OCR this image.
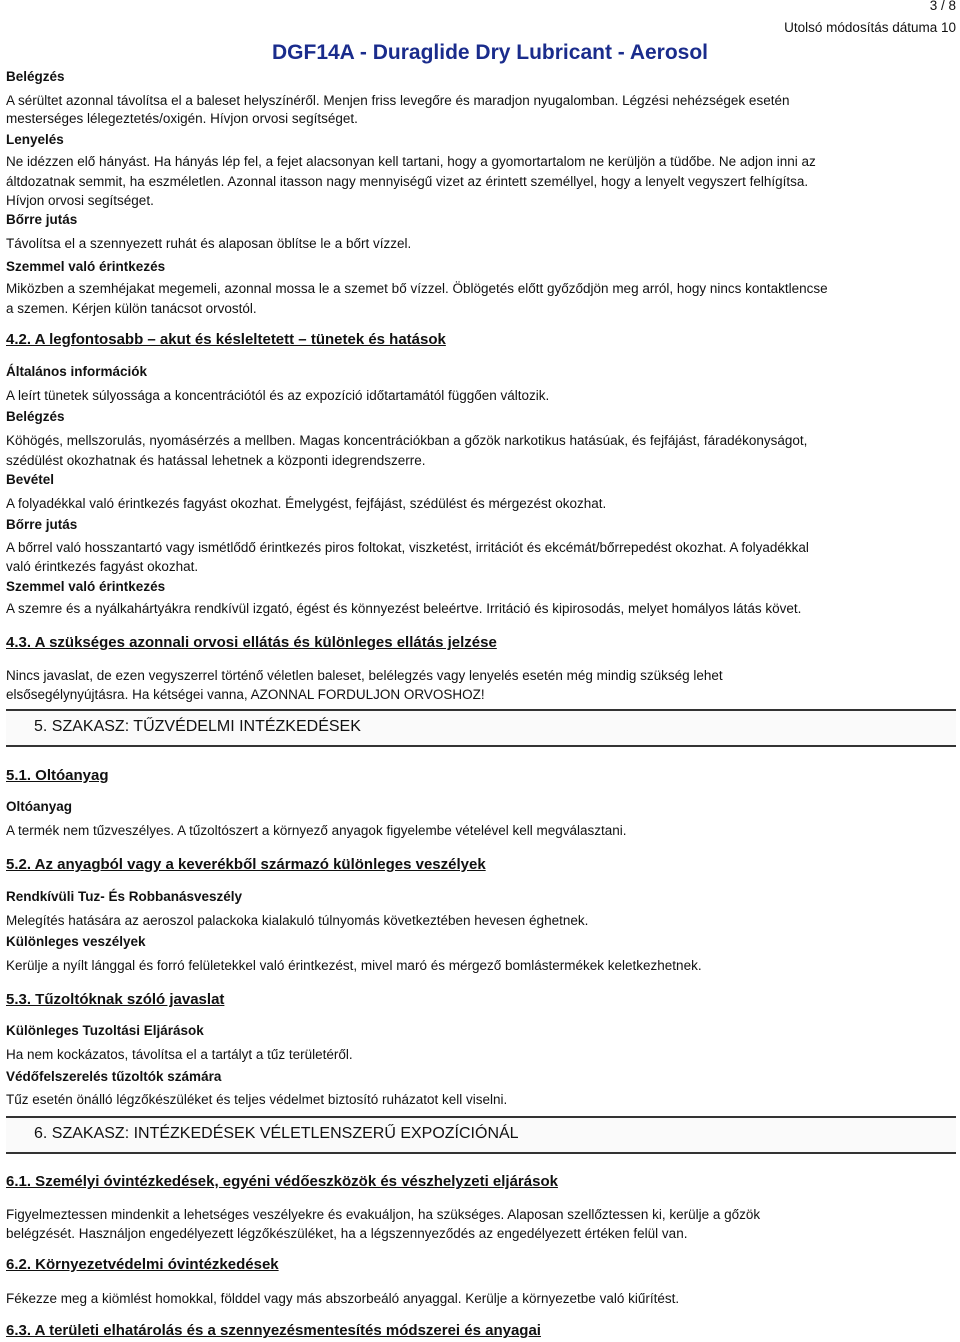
3 / 8
Utolsó módosítás dátuma 10
DGF14A - Duraglide Dry Lubricant - Aerosol
Belégzés
A sérültet azonnal távolítsa el a baleset helyszínéről. Menjen friss levegőre és maradjon nyugalomban. Légzési nehézségek esetén
mesterséges lélegeztetés/oxigén. Hívjon orvosi segítséget.
Lenyelés
Ne idézzen elő hányást. Ha hányás lép fel, a fejet alacsonyan kell tartani, hogy a gyomortartalom ne kerüljön a tüdőbe. Ne adjon inni az
áltdozatnak semmit, ha eszméletlen. Azonnal itasson nagy mennyiségű vizet az érintett személlyel, hogy a lenyelt vegyszert felhígítsa.
Hívjon orvosi segítséget.
Bőrre jutás
Távolítsa el a szennyezett ruhát és alaposan öblítse le a bőrt vízzel.
Szemmel való érintkezés
Miközben a szemhéjakat megemeli, azonnal mossa le a szemet bő vízzel. Öblögetés előtt győződjön meg arról, hogy nincs kontaktlencse
a szemen. Kérjen külön tanácsot orvostól.
4.2. A legfontosabb – akut és késleltetett – tünetek és hatások
Általános információk
A leírt tünetek súlyossága a koncentrációtól és az expozíció időtartamától függően változik.
Belégzés
Köhögés, mellszorulás, nyomásérzés a mellben. Magas koncentrációkban a gőzök narkotikus hatásúak, és fejfájást, fáradékonyságot,
szédülést okozhatnak és hatással lehetnek a központi idegrendszerre.
Bevétel
A folyadékkal való érintkezés fagyást okozhat. Émelygést, fejfájást, szédülést és mérgezést okozhat.
Bőrre jutás
A bőrrel való hosszantartó vagy ismétlődő érintkezés piros foltokat, viszketést, irritációt és ekcémát/bőrrepedést okozhat. A folyadékkal
való érintkezés fagyást okozhat.
Szemmel való érintkezés
A szemre és a nyálkahártyákra rendkívül izgató, égést és könnyezést beleértve. Irritáció és kipirosodás, melyet homályos látás követ.
4.3. A szükséges azonnali orvosi ellátás és különleges ellátás jelzése
Nincs javaslat, de ezen vegyszerrel történő véletlen baleset, belélegzés vagy lenyelés esetén még mindig szükség lehet
elsősegélynyújtásra. Ha kétségei vanna, AZONNAL FORDULJON ORVOSHOZ!
5. SZAKASZ: TŰZVÉDELMI INTÉZKEDÉSEK
5.1. Oltóanyag
Oltóanyag
A termék nem tűzveszélyes. A tűzoltószert a környező anyagok figyelembe vételével kell megválasztani.
5.2. Az anyagból vagy a keverékből származó különleges veszélyek
Rendkívüli Tuz- És Robbanásveszély
Melegítés hatására az aeroszol palackoka kialakuló túlnyomás következtében hevesen éghetnek.
Különleges veszélyek
Kerülje a nyílt lánggal és forró felületekkel való érintkezést, mivel maró és mérgező bomlástermékek keletkezhetnek.
5.3. Tűzoltóknak szóló javaslat
Különleges Tuzoltási Eljárások
Ha nem kockázatos, távolítsa el a tartályt a tűz területéről.
Védőfelszerelés tűzoltók számára
Tűz esetén önálló légzőkészüléket és teljes védelmet biztosító ruházatot kell viselni.
6. SZAKASZ: INTÉZKEDÉSEK VÉLETLENSZERŰ EXPOZÍCIÓNÁL
6.1. Személyi óvintézkedések, egyéni védőeszközök és vészhelyzeti eljárások
Figyelmeztessen mindenkit a lehetséges veszélyekre és evakuáljon, ha szükséges. Alaposan szellőztessen ki, kerülje a gőzök
belégzését. Használjon engedélyezett légzőkészüléket, ha a légszennyeződés az engedélyezett értéken felül van.
6.2. Környezetvédelmi óvintézkedések
Fékezze meg a kiömlést homokkal, földdel vagy más abszorbeáló anyaggal. Kerülje a környezetbe való kiűrítést.
6.3. A területi elhatárolás és a szennyezésmentesítés módszerei és anyagai
